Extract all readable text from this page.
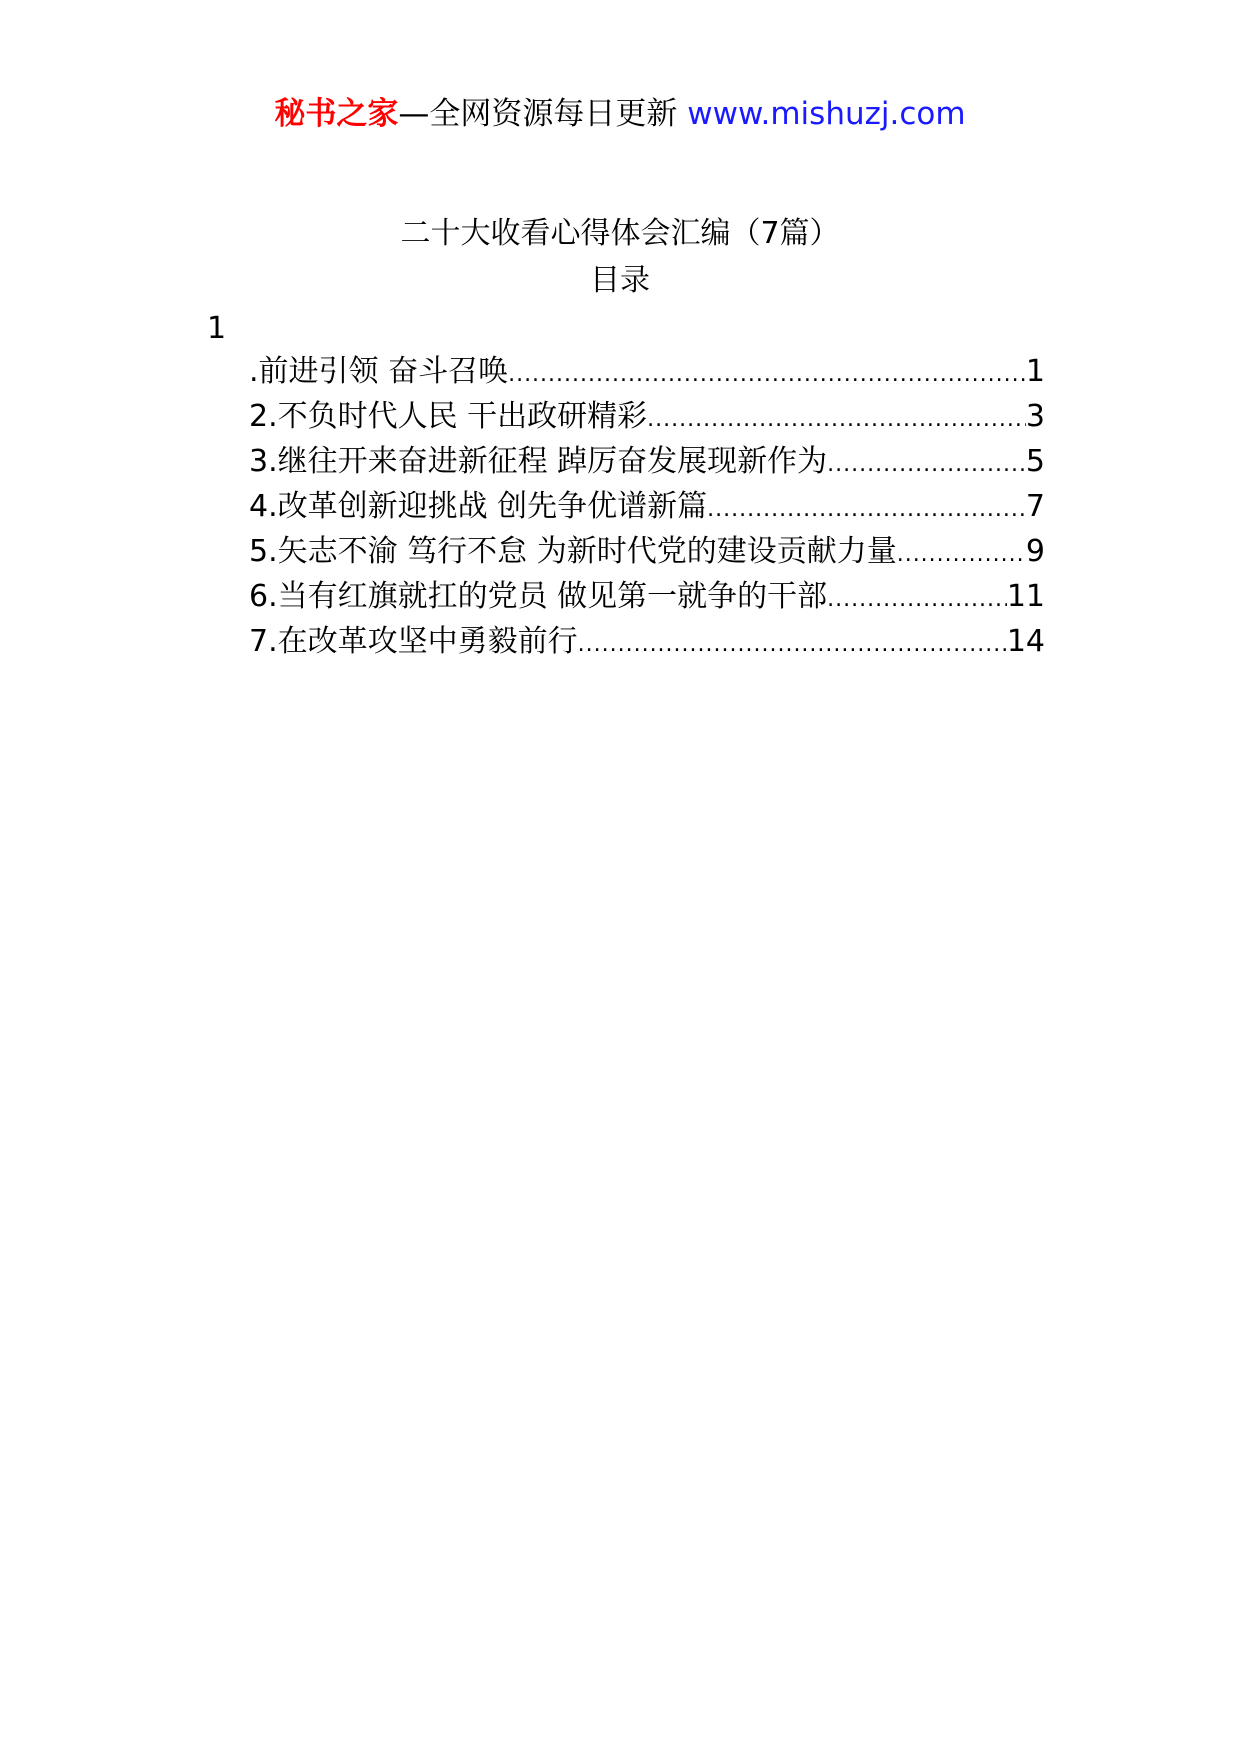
秘书之家—全网资源每日更新 www.mishuzj.com
二十大收看心得体会汇编（7篇）
目录
1
.前进引领 奋斗召唤 .....	1
2.不负时代人民 干出政研精彩 .....	3
3.继往开来奋进新征程 踔厉奋发展现新作为 .....	5
4.改革创新迎挑战 创先争优谱新篇 .....	7
5.矢志不渝 笃行不怠 为新时代党的建设贡献力量 .....	9
6.当有红旗就扛的党员 做见第一就争的干部 .....	11
7.在改革攻坚中勇毅前行 .....	14
